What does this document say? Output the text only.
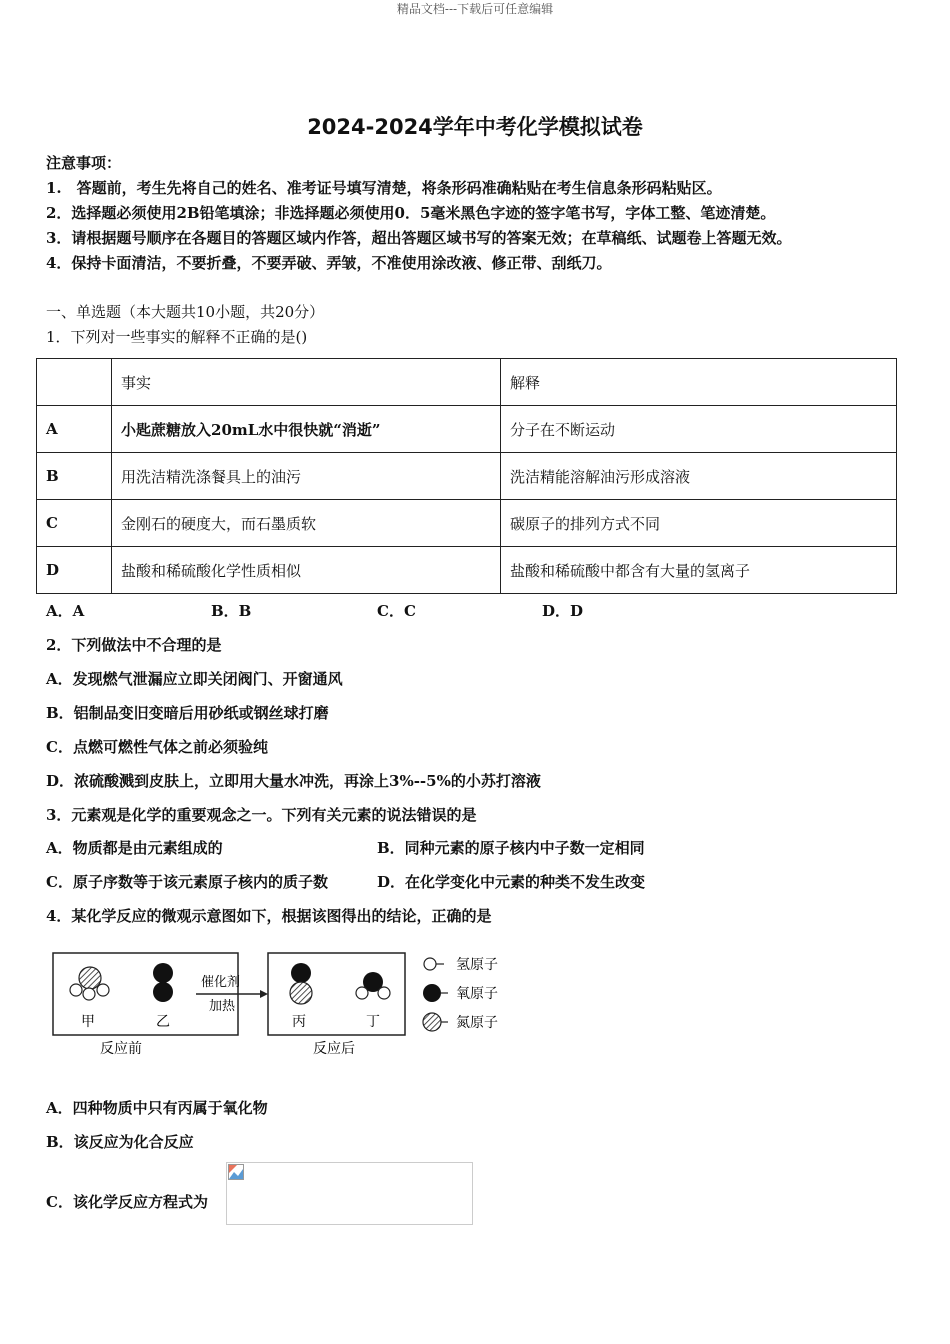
精品文档---下载后可任意编辑
2024-2024学年中考化学模拟试卷
注意事项：
1.　答题前，考生先将自己的姓名、准考证号填写清楚，将条形码准确粘贴在考生信息条形码粘贴区。
2．选择题必须使用2B铅笔填涂；非选择题必须使用0．5毫米黑色字迹的签字笔书写，字体工整、笔迹清楚。
3．请根据题号顺序在各题目的答题区域内作答，超出答题区域书写的答案无效；在草稿纸、试题卷上答题无效。
4．保持卡面清洁，不要折叠，不要弄破、弄皱，不准使用涂改液、修正带、刮纸刀。
一、单选题（本大题共10小题，共20分）
1．下列对一些事实的解释不正确的是()
	事实	解释
A	小匙蔗糖放入20mL水中很快就“消逝”	分子在不断运动
B	用洗洁精洗涤餐具上的油污	洗洁精能溶解油污形成溶液
C	金刚石的硬度大，而石墨质软	碳原子的排列方式不同
D	盐酸和稀硫酸化学性质相似	盐酸和稀硫酸中都含有大量的氢离子
A．A	B．B	C．C	D．D
2．下列做法中不合理的是
A．发现燃气泄漏应立即关闭阀门、开窗通风
B．铝制品变旧变暗后用砂纸或钢丝球打磨
C．点燃可燃性气体之前必须验纯
D．浓硫酸溅到皮肤上，立即用大量水冲洗，再涂上3%--5%的小苏打溶液
3．元素观是化学的重要观念之一。下列有关元素的说法错误的是
A．物质都是由元素组成的	B．同种元素的原子核内中子数一定相同
C．原子序数等于该元素原子核内的质子数	D．在化学变化中元素的种类不发生改变
4．某化学反应的微观示意图如下，根据该图得出的结论，正确的是
甲	乙
反应前
催化剂
加热
丙	丁
反应后
氢原子
氧原子
氮原子
A．四种物质中只有丙属于氧化物
B．该反应为化合反应
C．该化学反应方程式为
